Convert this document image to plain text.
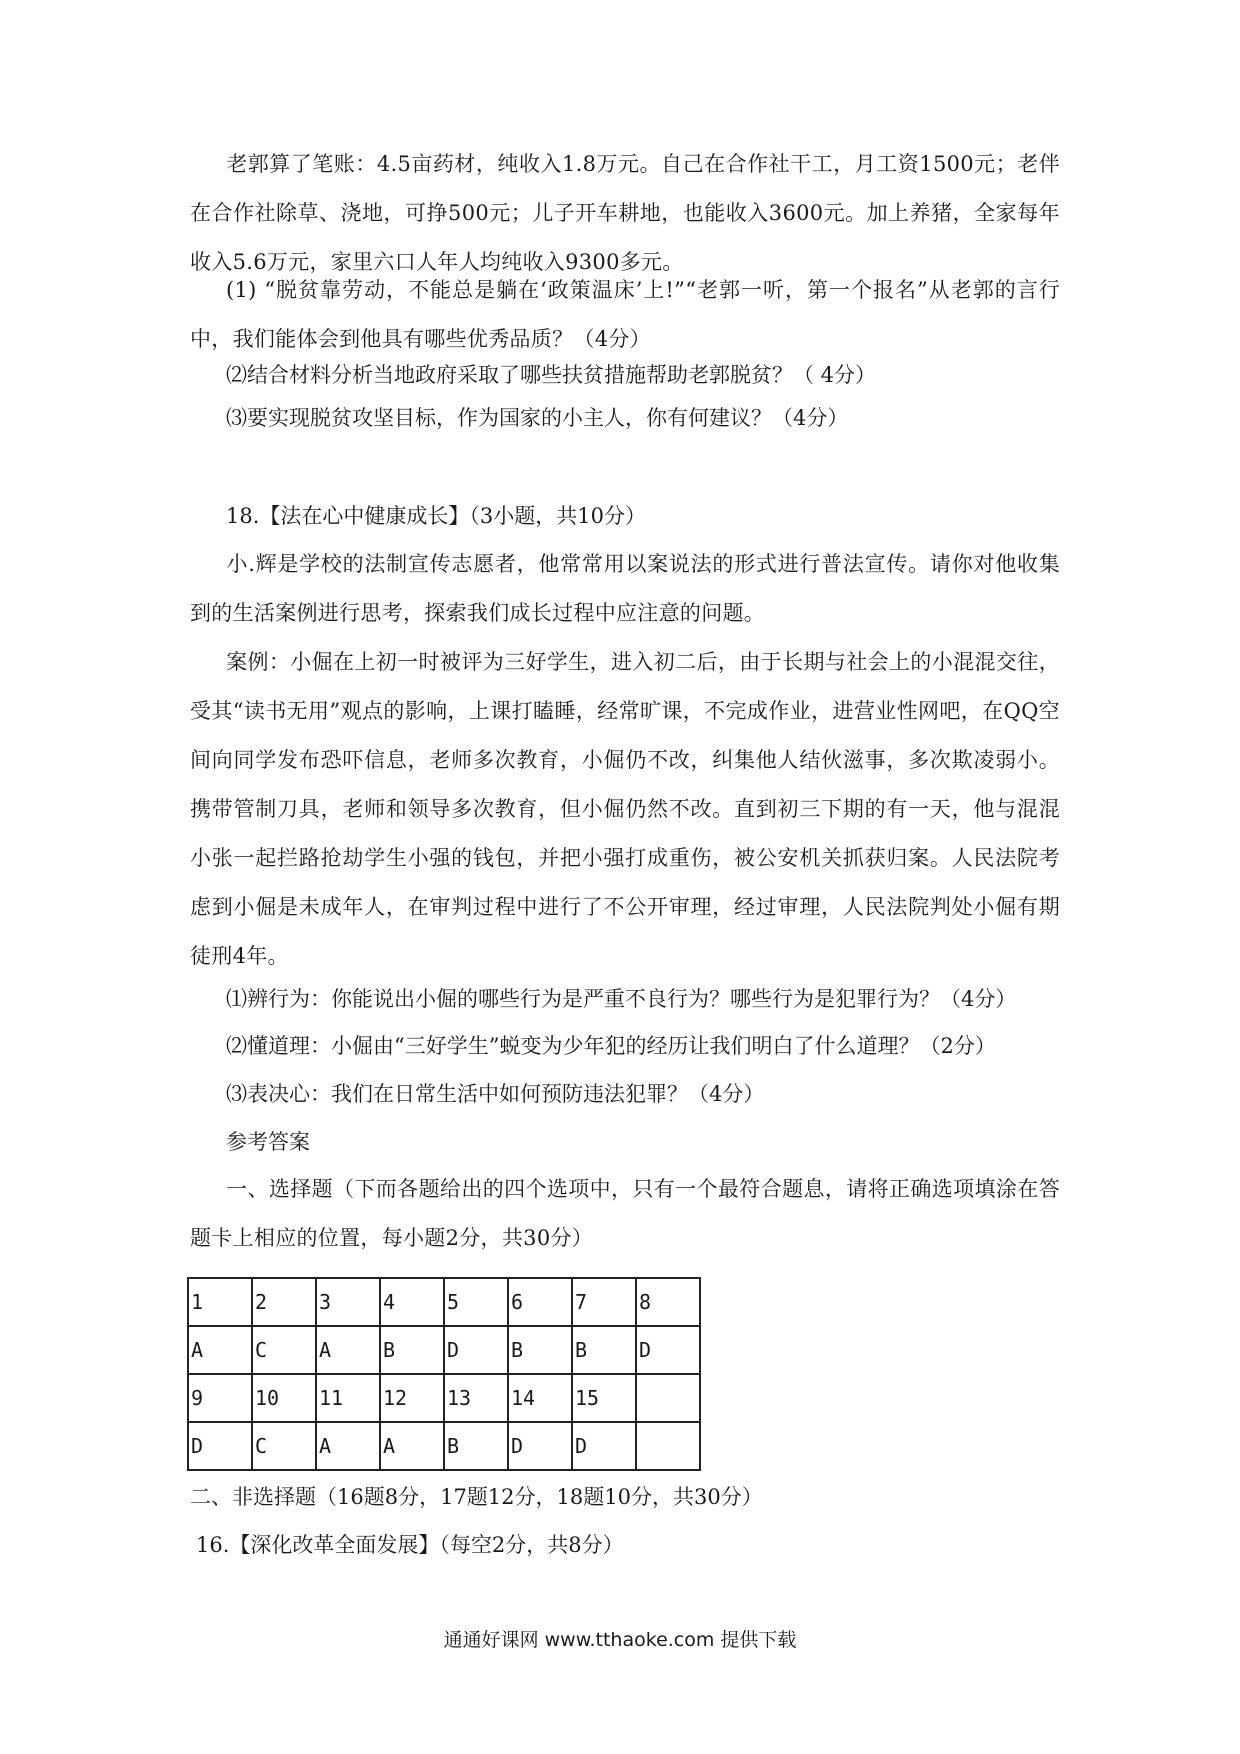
老郭算了笔账：4.5亩药材，纯收入1.8万元。自己在合作社干工，月工资1500元；老伴在合作社除草、浇地，可挣500元；儿子开车耕地，也能收入3600元。加上养猪，全家每年收入5.6万元，家里六口人年人均纯收入9300多元。

(1) “脱贫靠劳动，不能总是躺在‘政策温床’上!”“老郭一听，第一个报名”从老郭的言行中，我们能体会到他具有哪些优秀品质？（4分）

⑵结合材料分析当地政府采取了哪些扶贫措施帮助老郭脱贫？（ 4分）

⑶要实现脱贫攻坚目标，作为国家的小主人，你有何建议？（4分）

18.【法在心中健康成长】（3小题，共10分）

小.辉是学校的法制宣传志愿者，他常常用以案说法的形式进行普法宣传。请你对他收集到的生活案例进行思考，探索我们成长过程中应注意的问题。

案例：小倔在上初一时被评为三好学生，进入初二后，由于长期与社会上的小混混交往，受其“读书无用”观点的影响，上课打瞌睡，经常旷课，不完成作业，进营业性网吧，在QQ空间向同学发布恐吓信息，老师多次教育，小倔仍不改，纠集他人结伙滋事，多次欺凌弱小。携带管制刀具，老师和领导多次教育，但小倔仍然不改。直到初三下期的有一天，他与混混小张一起拦路抢劫学生小强的钱包，并把小强打成重伤，被公安机关抓获归案。人民法院考虑到小倔是未成年人，在审判过程中进行了不公开审理，经过审理，人民法院判处小倔有期徒刑4年。

⑴辨行为：你能说出小倔的哪些行为是严重不良行为？哪些行为是犯罪行为？（4分）

⑵懂道理：小倔由“三好学生”蜕变为少年犯的经历让我们明白了什么道理？（2分）

⑶表决心：我们在日常生活中如何预防违法犯罪？（4分）

参考答案

一、选择题（下而各题给出的四个选项中，只有一个最符合题息，请将正确选项填涂在答题卡上相应的位置，每小题2分，共30分）

1	2	3	4	5	6	7	8
A	C	A	B	D	B	B	D
9	10	11	12	13	14	15	
D	C	A	A	B	D	D	

二、非选择题（16题8分，17题12分，18题10分，共30分）

16.【深化改革全面发展】（每空2分，共8分）

通通好课网 www.tthaoke.com 提供下载
